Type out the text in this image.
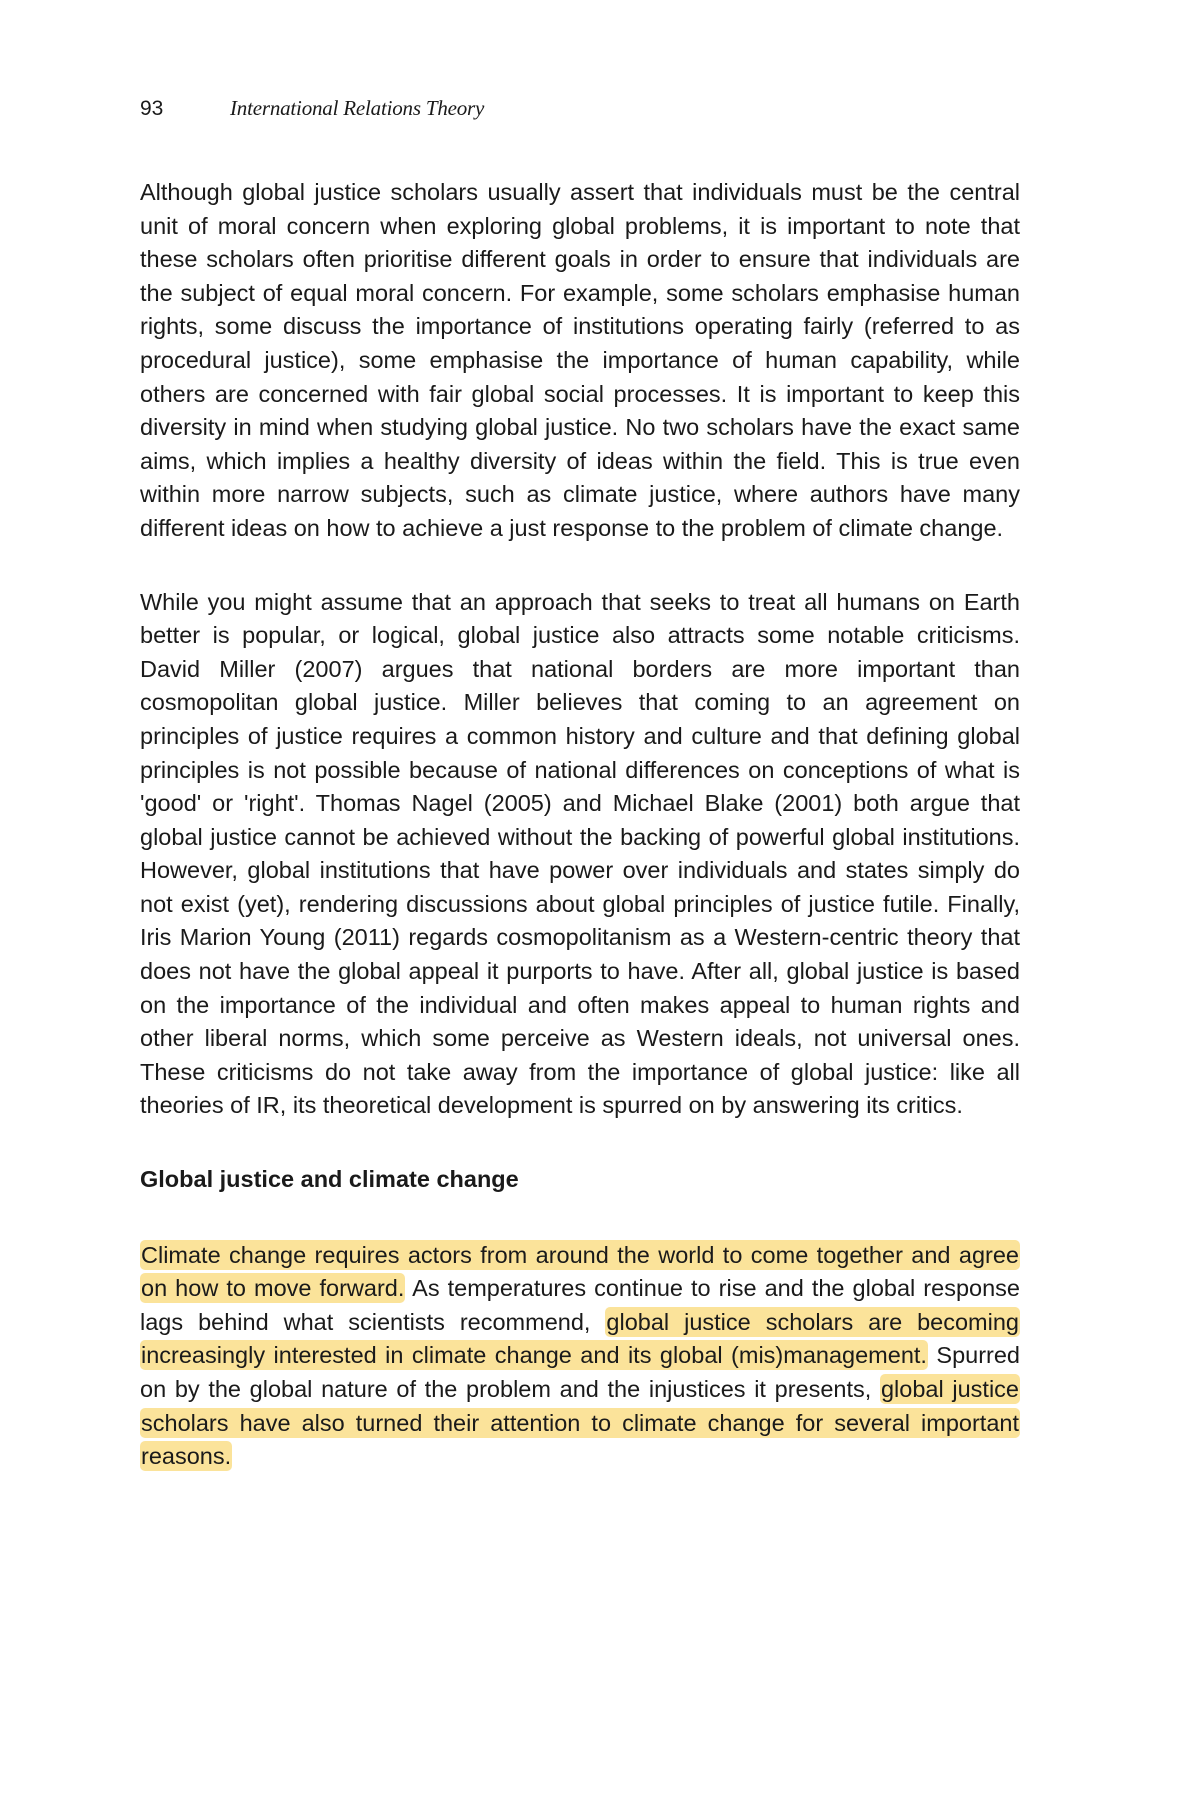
93	International Relations Theory

Although global justice scholars usually assert that individuals must be the central unit of moral concern when exploring global problems, it is important to note that these scholars often prioritise different goals in order to ensure that individuals are the subject of equal moral concern. For example, some scholars emphasise human rights, some discuss the importance of institutions operating fairly (referred to as procedural justice), some emphasise the importance of human capability, while others are concerned with fair global social processes. It is important to keep this diversity in mind when studying global justice. No two scholars have the exact same aims, which implies a healthy diversity of ideas within the field. This is true even within more narrow subjects, such as climate justice, where authors have many different ideas on how to achieve a just response to the problem of climate change.

While you might assume that an approach that seeks to treat all humans on Earth better is popular, or logical, global justice also attracts some notable criticisms. David Miller (2007) argues that national borders are more important than cosmopolitan global justice. Miller believes that coming to an agreement on principles of justice requires a common history and culture and that defining global principles is not possible because of national differences on conceptions of what is 'good' or 'right'. Thomas Nagel (2005) and Michael Blake (2001) both argue that global justice cannot be achieved without the backing of powerful global institutions. However, global institutions that have power over individuals and states simply do not exist (yet), rendering discussions about global principles of justice futile. Finally, Iris Marion Young (2011) regards cosmopolitanism as a Western-centric theory that does not have the global appeal it purports to have. After all, global justice is based on the importance of the individual and often makes appeal to human rights and other liberal norms, which some perceive as Western ideals, not universal ones. These criticisms do not take away from the importance of global justice: like all theories of IR, its theoretical development is spurred on by answering its critics.

Global justice and climate change

Climate change requires actors from around the world to come together and agree on how to move forward. As temperatures continue to rise and the global response lags behind what scientists recommend, global justice scholars are becoming increasingly interested in climate change and its global (mis)management. Spurred on by the global nature of the problem and the injustices it presents, global justice scholars have also turned their attention to climate change for several important reasons.
